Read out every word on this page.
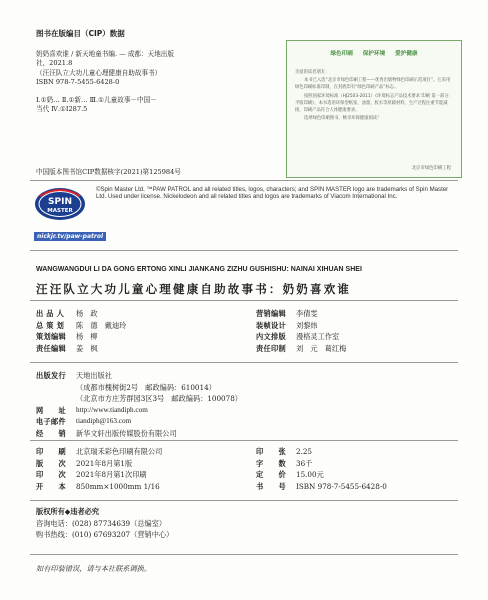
图书在版编目（CIP）数据
奶奶喜欢谁 / 新天地童书编. — 成都：天地出版
社，2021.8
（汪汪队立大功儿童心理健康自助故事书）
ISBN 978-7-5455-6428-0
Ⅰ.①奶… Ⅱ.①新… Ⅲ.①儿童故事－中国－
当代 Ⅳ.①I287.5
中国版本图书馆CIP数据核字(2021)第125984号
绿色印刷 保护环境 爱护健康

亲爱的读者朋友：

本书已入选“北京市绿色印刷工程——优秀出版物绿色印刷示范项目”。它采用绿色印刷标准印制，在封底印有“绿色印刷产品”标志。

按照国家环境标准（HJ2503-2011）《环境标志产品技术要求 印刷 第一部分：平版印刷》，本书选用环保型纸张、油墨、胶水等原辅材料，生产过程注重节能减排，印刷产品符合人体健康要求。

选择绿色印刷图书，畅享环保健康阅读！

北京市绿色印刷工程
SPIN
MASTER
©Spin Master Ltd. ™PAW PATROL and all related titles, logos, characters; and SPIN MASTER logo are trademarks of Spin Master Ltd. Used under license. Nickelodeon and all related titles and logos are trademarks of Viacom International Inc.
nickjr.tv/paw-patrol
WANGWANGDUI LI DA GONG ERTONG XINLI JIANKANG ZIZHU GUSHISHU: NAINAI XIHUAN SHEI
汪汪队立大功儿童心理健康自助故事书：奶奶喜欢谁
出 品 人	杨　政
总 策 划	陈　德　戴迪玲
策划编辑	杨　柳
责任编辑	姜　枫
营销编辑	李倩雯
装帧设计	刘黎炜
内文排版	漫格灵工作室
责任印制	刘　元　葛红梅
出版发行	天地出版社
（成都市槐树街2号　邮政编码：610014）
（北京市方庄芳群园3区3号　邮政编码：100078）
网　　址	http://www.tiandiph.com
电子邮件	tiandiph@163.com
经　　销	新华文轩出版传媒股份有限公司
印　　刷	北京瑞禾彩色印刷有限公司
版　　次	2021年8月第1版
印　　次	2021年8月第1次印刷
开　　本	850mm×1000mm 1/16
印　　张	2.25
字　　数	36千
定　　价	15.00元
书　　号	ISBN 978-7-5455-6428-0
版权所有◆违者必究
咨询电话：(028) 87734639（总编室）
购书热线：(010) 67693207（营销中心）
如有印装错误，请与本社联系调换。
